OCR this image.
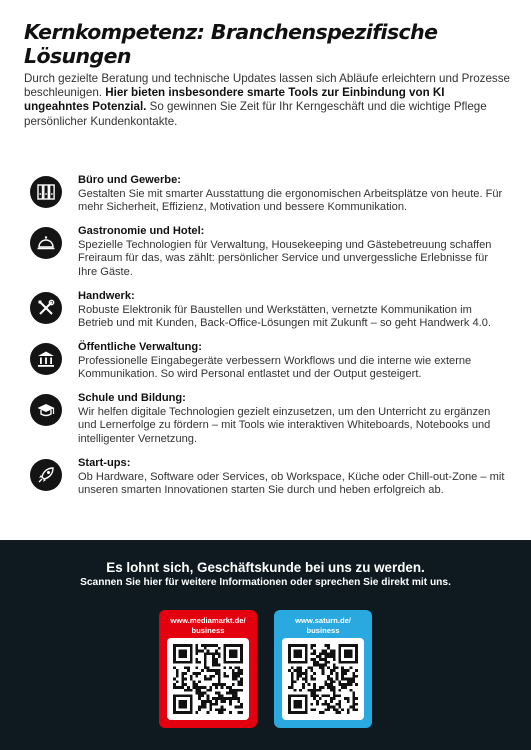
Kernkompetenz: Branchenspezifische Lösungen

Durch gezielte Beratung und technische Updates lassen sich Abläufe erleichtern und Prozesse beschleunigen. Hier bieten insbesondere smarte Tools zur Einbindung von KI ungeahntes Potenzial. So gewinnen Sie Zeit für Ihr Kerngeschäft und die wichtige Pflege persönlicher Kundenkontakte.

Büro und Gewerbe:
Gestalten Sie mit smarter Ausstattung die ergonomischen Arbeitsplätze von heute. Für mehr Sicherheit, Effizienz, Motivation und bessere Kommunikation.
Gastronomie und Hotel:
Spezielle Technologien für Verwaltung, Housekeeping und Gästebetreuung schaffen Freiraum für das, was zählt: persönlicher Service und unvergessliche Erlebnisse für Ihre Gäste.
Handwerk:
Robuste Elektronik für Baustellen und Werkstätten, vernetzte Kommunikation im Betrieb und mit Kunden, Back-Office-Lösungen mit Zukunft – so geht Handwerk 4.0.
Öffentliche Verwaltung:
Professionelle Eingabegeräte verbessern Workflows und die interne wie externe Kommunikation. So wird Personal entlastet und der Output gesteigert.
Schule und Bildung:
Wir helfen digitale Technologien gezielt einzusetzen, um den Unterricht zu ergänzen und Lernerfolge zu fördern – mit Tools wie interaktiven Whiteboards, Notebooks und intelligenter Vernetzung.
Start-ups:
Ob Hardware, Software oder Services, ob Workspace, Küche oder Chill-out-Zone – mit unseren smarten Innovationen starten Sie durch und heben erfolgreich ab.
Es lohnt sich, Geschäftskunde bei uns zu werden.
Scannen Sie hier für weitere Informationen oder sprechen Sie direkt mit uns.
www.mediamarkt.de/
business
www.saturn.de/
business
